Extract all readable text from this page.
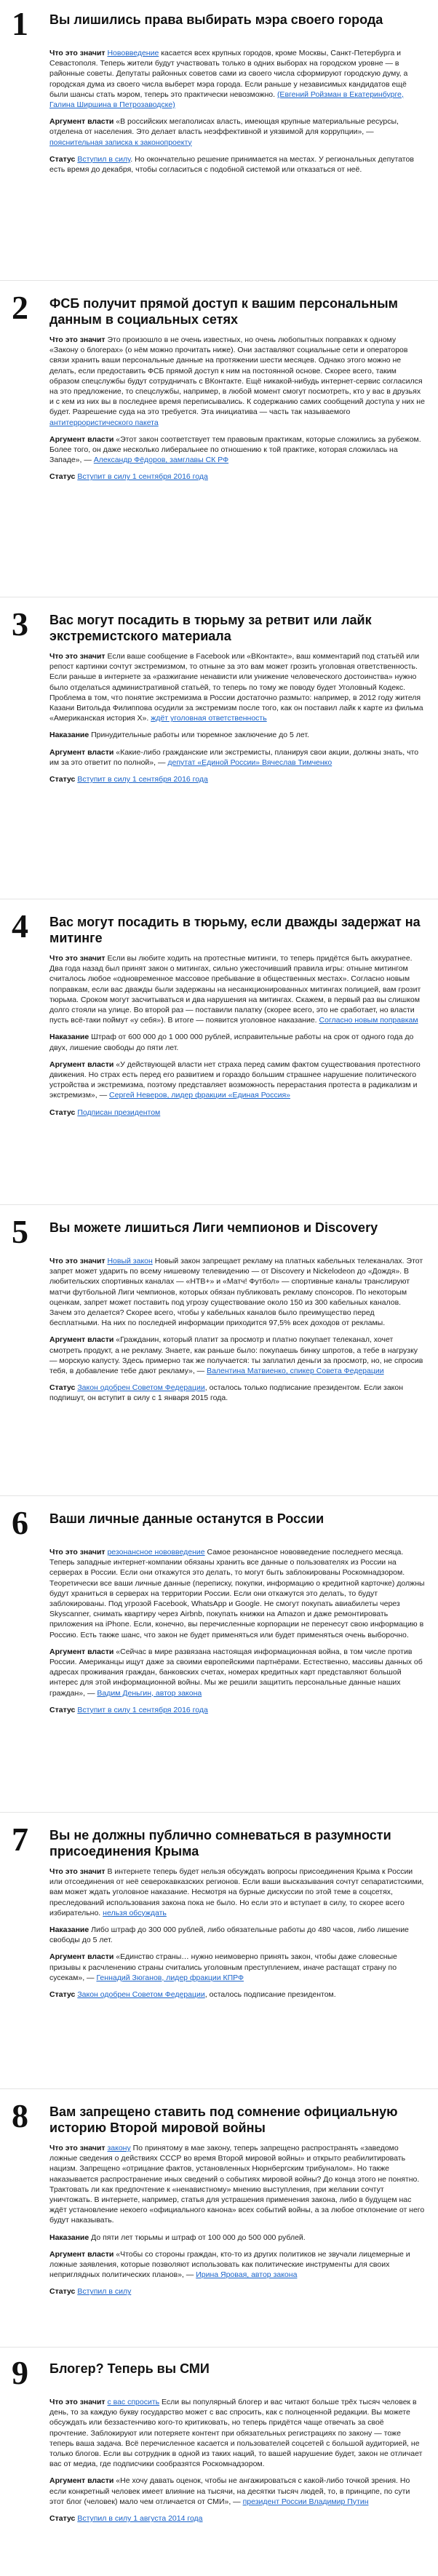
1	Вы лишились права выбирать мэра своего города

Что это значит Нововведение касается всех крупных городов, кроме Москвы, Санкт-Петербурга и Севастополя. Теперь жители будут участвовать только в одних выборах на городском уровне — в районные советы. Депутаты районных советов сами из своего числа сформируют городскую думу, а городская дума из своего числа выберет мэра города. Если раньше у независимых кандидатов ещё были шансы стать мэром, теперь это практически невозможно. (Евгений Ройзман в Екатеринбурге, Галина Ширшина в Петрозаводске)

Аргумент власти «В российских мегаполисах власть, имеющая крупные материальные ресурсы, отделена от населения. Это делает власть неэффективной и уязвимой для коррупции», — пояснительная записка к законопроекту

Статус Вступил в силу. Но окончательно решение принимается на местах. У региональных депутатов есть время до декабря, чтобы согласиться с подобной системой или отказаться от неё.

2	ФСБ получит прямой доступ к вашим персональным данным в социальных сетях

Что это значит Это произошло в не очень известных, но очень любопытных поправках к одному «Закону о блогерах» (о нём можно прочитать ниже). Они заставляют социальные сети и операторов связи хранить ваши персональные данные на протяжении шести месяцев. Однако этого можно не делать, если предоставить ФСБ прямой доступ к ним на постоянной основе. Скорее всего, таким образом спецслужбы будут сотрудничать с ВКонтакте. Ещё никакой-нибудь интернет-сервис согласился на это предложение, то спецслужбы, например, в любой момент смогут посмотреть, кто у вас в друзьях и с кем из них вы в последнее время переписывались. К содержанию самих сообщений доступа у них не будет. Разрешение суда на это требуется. Эта инициатива — часть так называемого антитеррористического пакета

Аргумент власти «Этот закон соответствует тем правовым практикам, которые сложились за рубежом. Более того, он даже несколько либеральнее по отношению к той практике, которая сложилась на Западе», — Александр Фёдоров, замглавы СК РФ

Статус Вступит в силу 1 сентября 2016 года

3	Вас могут посадить в тюрьму за ретвит или лайк экстремистского материала

Что это значит Если ваше сообщение в Facebook или «ВКонтакте», ваш комментарий под статьёй или репост картинки сочтут экстремизмом, то отныне за это вам может грозить уголовная ответственность. Если раньше в интернете за «разжигание ненависти или унижение человеческого достоинства» нужно было отделаться административной статьёй, то теперь по тому же поводу будет Уголовный Кодекс. Проблема в том, что понятие экстремизма в России достаточно размыто: например, в 2012 году жителя Казани Витольда Филиппова осудили за экстремизм после того, как он поставил лайк к карте из фильма «Американская история X». ждёт уголовная ответственность

Наказание Принудительные работы или тюремное заключение до 5 лет.

Аргумент власти «Какие-либо гражданские или экстремисты, планируя свои акции, должны знать, что им за это ответит по полной», — депутат «Единой России» Вячеслав Тимченко

Статус Вступит в силу 1 сентября 2016 года

4	Вас могут посадить в тюрьму, если дважды задержат на митинге

Что это значит Если вы любите ходить на протестные митинги, то теперь придётся быть аккуратнее. Два года назад был принят закон о митингах, сильно ужесточивший правила игры: отныне митингом считалось любое «одновременное массовое пребывание в общественных местах». Согласно новым поправкам, если вас дважды были задержаны на несанкционированных митингах полицией, вам грозит тюрьма. Сроком могут засчитываться и два нарушения на митингах. Скажем, в первый раз вы слишком долго стояли на улице. Во второй раз — поставили палатку (скорее всего, это не сработает, но власти пусть всё-таки поймут «у себя»). В итоге — появится уголовное наказание. Согласно новым поправкам

Наказание Штраф от 600 000 до 1 000 000 рублей, исправительные работы на срок от одного года до двух, лишение свободы до пяти лет.

Аргумент власти «У действующей власти нет страха перед самим фактом существования протестного движения. Но страх есть перед его развитием и гораздо большим страшнее нарушение политического устройства и экстремизма, поэтому представляет возможность перерастания протеста в радикализм и экстремизм», — Сергей Неверов, лидер фракции «Единая Россия»

Статус Подписан президентом

5	Вы можете лишиться Лиги чемпионов и Discovery

Что это значит Новый закон Новый закон запрещает рекламу на платных кабельных телеканалах. Этот запрет может ударить по всему нишевому телевидению — от Discovery и Nickelodeon до «Дождя». В любительских спортивных каналах — «НТВ+» и «Матч! Футбол» — спортивные каналы транслируют матчи футбольной Лиги чемпионов, которых обязан публиковать рекламу спонсоров. По некоторым оценкам, запрет может поставить под угрозу существование около 150 из 300 кабельных каналов. Зачем это делается? Скорее всего, чтобы у кабельных каналов было преимущество перед бесплатными. На них по последней информации приходится 97,5% всех доходов от рекламы.

Аргумент власти «Гражданин, который платит за просмотр и платно покупает телеканал, хочет смотреть продукт, а не рекламу. Знаете, как раньше было: покупаешь бинку шпротов, а тебе в нагрузку — морскую капусту. Здесь примерно так же получается: ты заплатил деньги за просмотр, но, не спросив тебя, в добавление тебе дают рекламу», — Валентина Матвиенко, спикер Совета Федерации

Статус Закон одобрен Советом Федерации, осталось только подписание президентом. Если закон подпишут, он вступит в силу с 1 января 2015 года.

6	Ваши личные данные останутся в России

Что это значит резонансное нововведение Самое резонансное нововведение последнего месяца. Теперь западные интернет-компании обязаны хранить все данные о пользователях из России на серверах в России. Если они откажутся это делать, то могут быть заблокированы Роскомнадзором. Теоретически все ваши личные данные (переписку, покупки, информацию о кредитной карточке) должны будут храниться в серверах на территории России. Если они откажутся это делать, то будут заблокированы. Под угрозой Facebook, WhatsApp и Google. Не смогут покупать авиабилеты через Skyscanner, снимать квартиру через Airbnb, покупать книжки на Amazon и даже ремонтировать приложения на iPhone. Если, конечно, вы перечисленные корпорации не перенесут свою информацию в Россию. Есть также шанс, что закон не будет применяться или будет применяться очень выборочно.

Аргумент власти «Сейчас в мире развязана настоящая информационная война, в том числе против России. Американцы ищут даже за своими европейскими партнёрами. Естественно, массивы данных об адресах проживания граждан, банковских счетах, номерах кредитных карт представляют большой интерес для этой информационной войны. Мы же решили защитить персональные данные наших граждан», — Вадим Деньгин, автор закона

Статус Вступит в силу 1 сентября 2016 года

7	Вы не должны публично сомневаться в разумности присоединения Крыма

Что это значит В интернете теперь будет нельзя обсуждать вопросы присоединения Крыма к России или отсоединения от неё северокавказских регионов. Если ваши высказывания сочтут сепаратистскими, вам может ждать уголовное наказание. Несмотря на бурные дискуссии по этой теме в соцсетях, преследований использования закона пока не было. Но если это и вступает в силу, то скорее всего избирательно. нельзя обсуждать

Наказание Либо штраф до 300 000 рублей, либо обязательные работы до 480 часов, либо лишение свободы до 5 лет.

Аргумент власти «Единство страны… нужно неимоверно принять закон, чтобы даже словесные призывы к расчленению страны считались уголовным преступлением, иначе растащат страну по сусекам», — Геннадий Зюганов, лидер фракции КПРФ

Статус Закон одобрен Советом Федерации, осталось подписание президентом.

8	Вам запрещено ставить под сомнение официальную историю Второй мировой войны

Что это значит закону По принятому в мае закону, теперь запрещено распространять «заведомо ложные сведения о действиях СССР во время Второй мировой войны» и открыто реабилитировать нацизм. Запрещено «отрицание фактов, установленных Нюрнбергским трибуналом». Но также наказывается распространение иных сведений о событиях мировой войны? До конца этого не понятно. Трактовать ли как предпочтение к «ненавистному» мнению выступления, при желании сочтут уничтожать. В интернете, например, статья для устрашения применения закона, либо в будущем нас ждёт установление некоего «официального канона» всех событий войны, а за любое отклонение от него будут наказывать.

Наказание До пяти лет тюрьмы и штраф от 100 000 до 500 000 рублей.

Аргумент власти «Чтобы со стороны граждан, кто-то из других политиков не звучали лицемерные и ложные заявления, которые позволяют использовать как политические инструменты для своих неприглядных политических планов», — Ирина Яровая, автор закона

Статус Вступил в силу

9	Блогер? Теперь вы СМИ

Что это значит с вас спросить Если вы популярный блогер и вас читают больше трёх тысяч человек в день, то за каждую букву государство может с вас спросить, как с полноценной редакции. Вы можете обсуждать или беззастенчиво кого-то критиковать, но теперь придётся чаще отвечать за своё прочтение. Заблокируют или потеряете контент при обязательных регистрациях по закону — тоже теперь ваша задача. Всё перечисленное касается и пользователей соцсетей с большой аудиторией, не только блогов. Если вы сотрудник в одной из таких наций, то вашей нарушение будет, закон не отличает вас от медиа, где подписчики сообразятся Роскомнадзором.

Аргумент власти «Не хочу давать оценок, чтобы не ангажироваться с какой-либо точкой зрения. Но если конкретный человек имеет влияние на тысячи, на десятки тысяч людей, то, в принципе, по сути этот блог (человек) мало чем отличается от СМИ», — президент России Владимир Путин

Статус Вступил в силу 1 августа 2014 года
